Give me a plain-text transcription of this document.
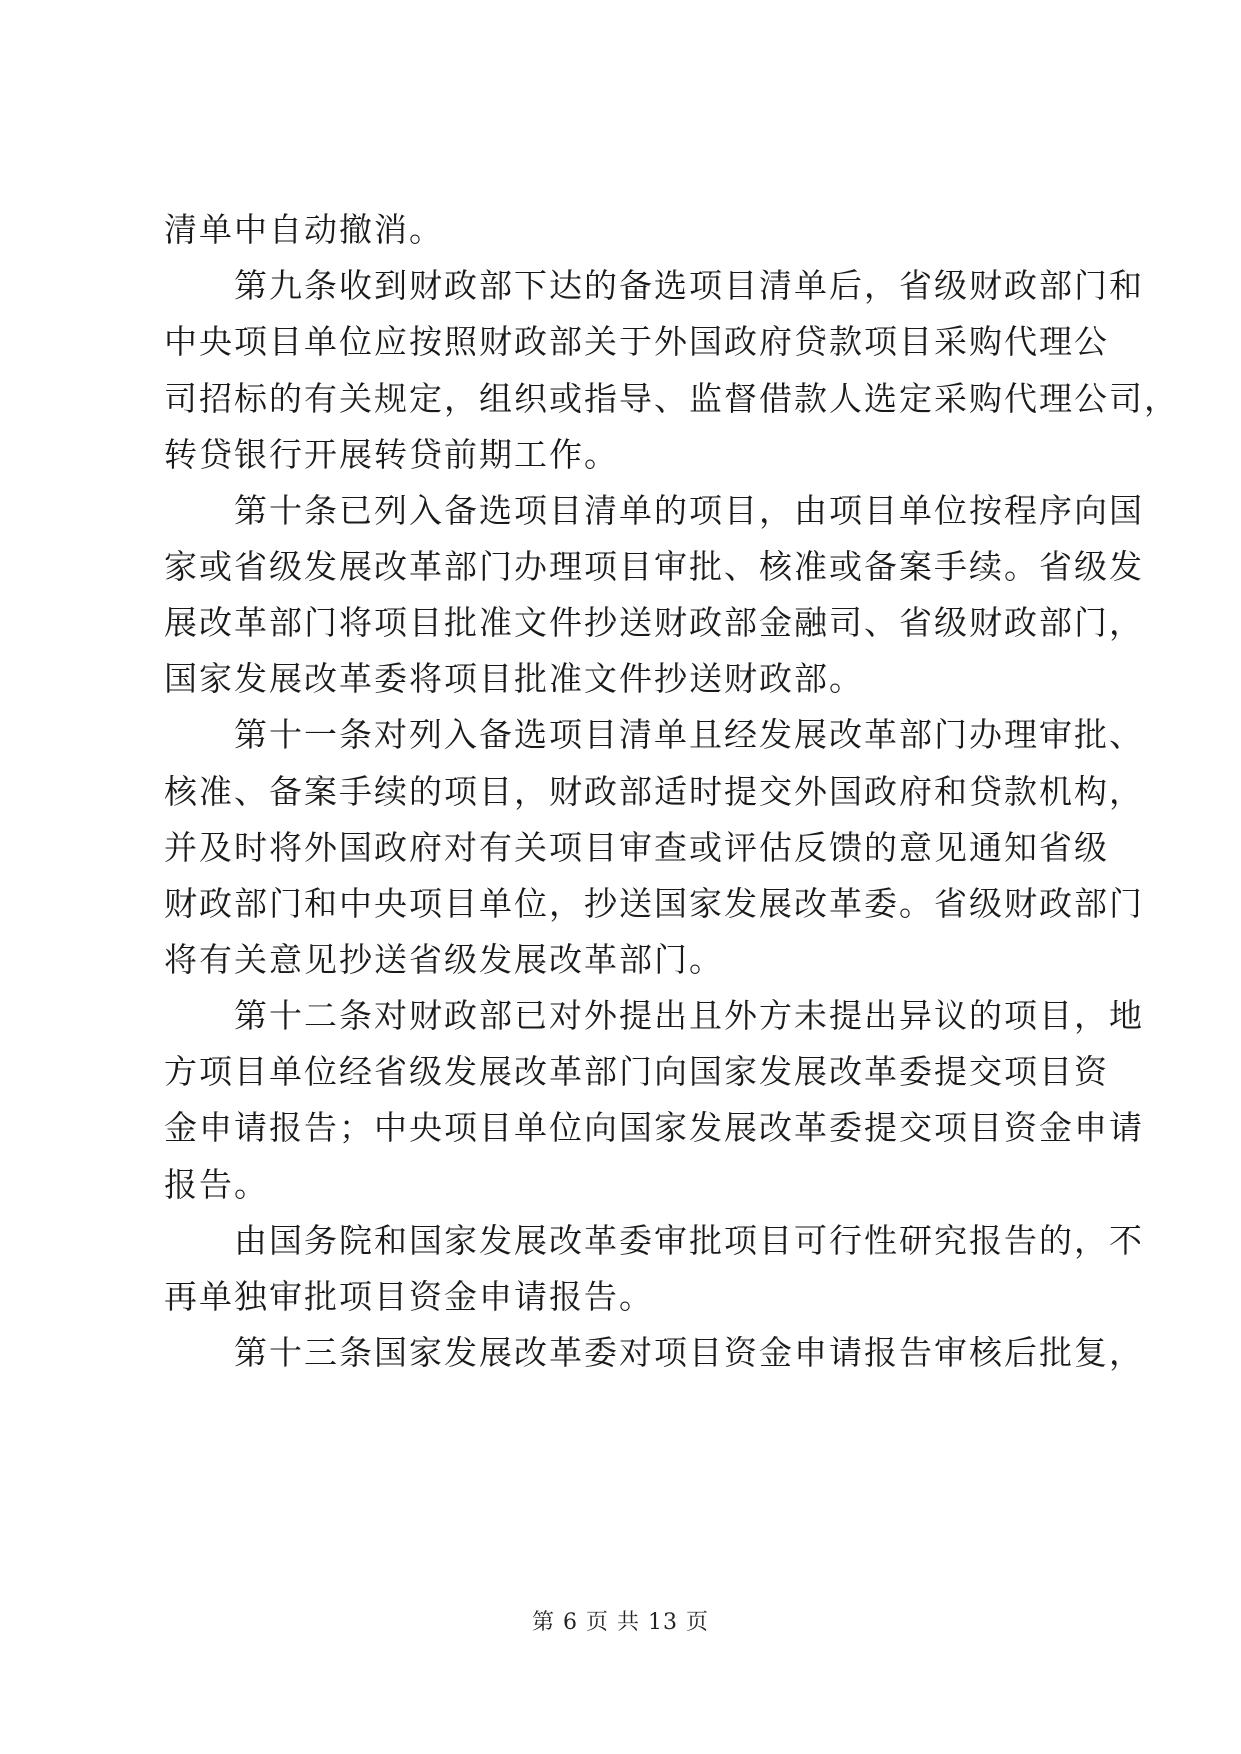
清单中自动撤消。
　　第九条收到财政部下达的备选项目清单后，省级财政部门和
中央项目单位应按照财政部关于外国政府贷款项目采购代理公
司招标的有关规定，组织或指导、监督借款人选定采购代理公司，
转贷银行开展转贷前期工作。
　　第十条已列入备选项目清单的项目，由项目单位按程序向国
家或省级发展改革部门办理项目审批、核准或备案手续。省级发
展改革部门将项目批准文件抄送财政部金融司、省级财政部门，
国家发展改革委将项目批准文件抄送财政部。
　　第十一条对列入备选项目清单且经发展改革部门办理审批、
核准、备案手续的项目，财政部适时提交外国政府和贷款机构，
并及时将外国政府对有关项目审查或评估反馈的意见通知省级
财政部门和中央项目单位，抄送国家发展改革委。省级财政部门
将有关意见抄送省级发展改革部门。
　　第十二条对财政部已对外提出且外方未提出异议的项目，地
方项目单位经省级发展改革部门向国家发展改革委提交项目资
金申请报告；中央项目单位向国家发展改革委提交项目资金申请
报告。
　　由国务院和国家发展改革委审批项目可行性研究报告的，不
再单独审批项目资金申请报告。
　　第十三条国家发展改革委对项目资金申请报告审核后批复，
第 6 页 共 13 页
